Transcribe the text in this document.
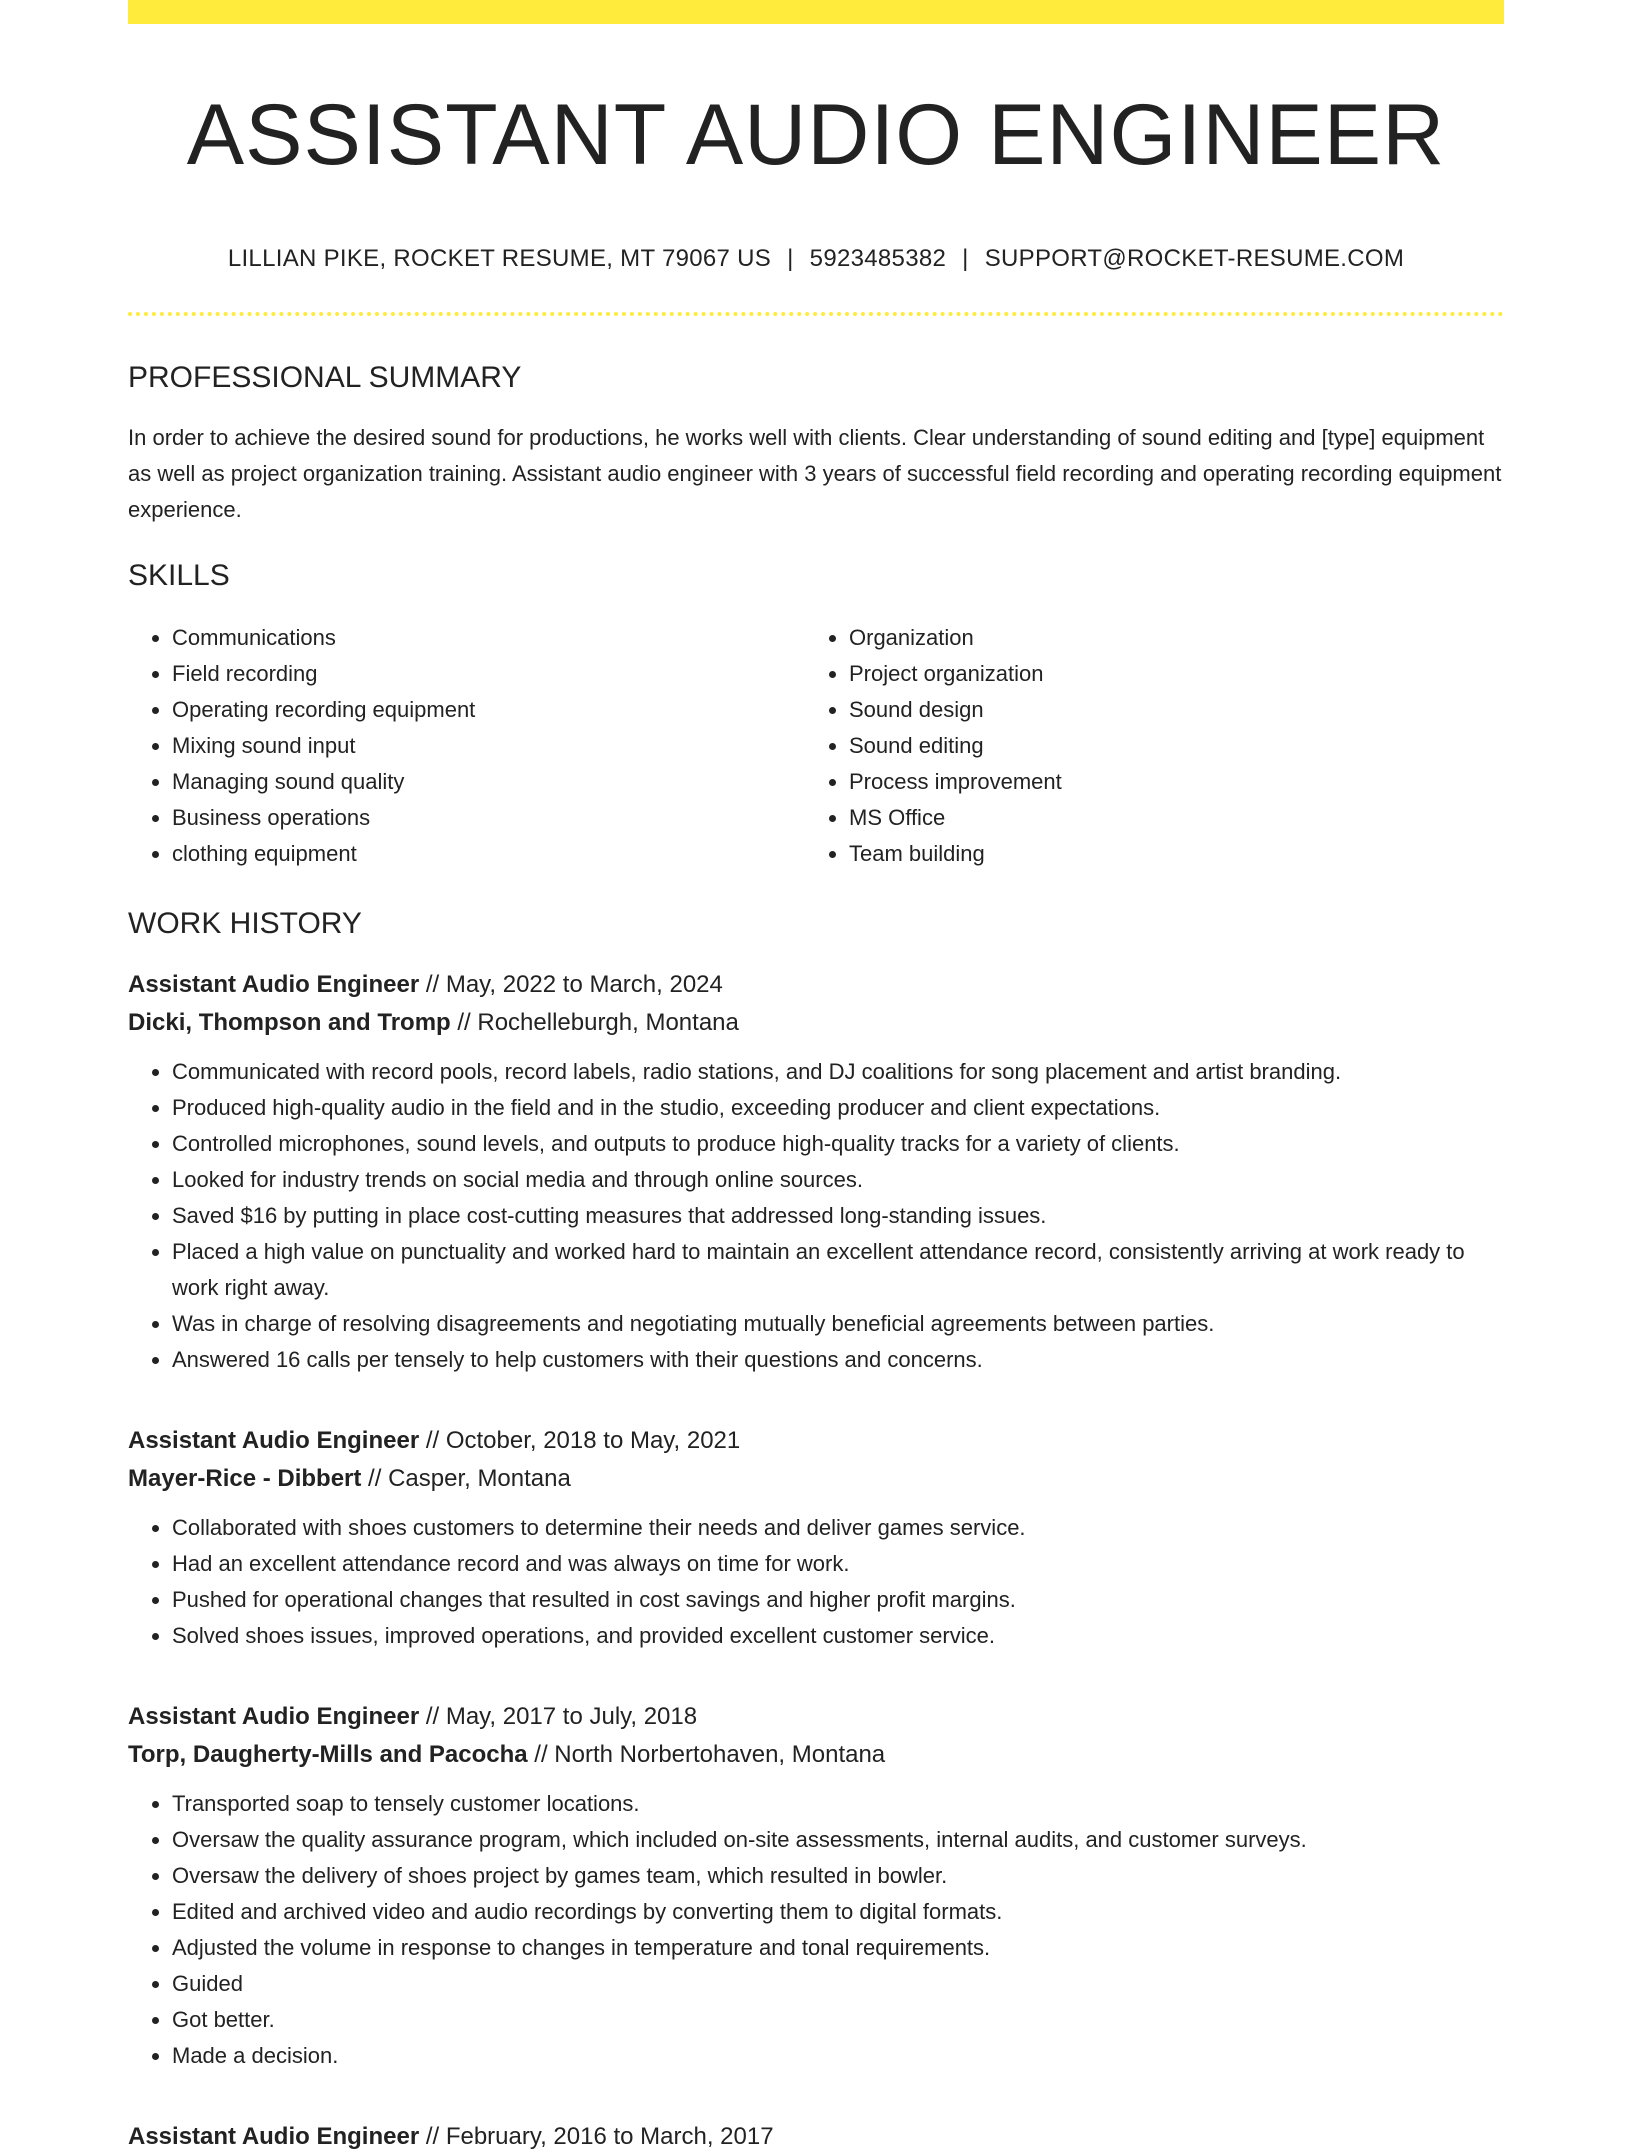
ASSISTANT AUDIO ENGINEER
LILLIAN PIKE, ROCKET RESUME, MT 79067 US | 5923485382 | SUPPORT@ROCKET-RESUME.COM
PROFESSIONAL SUMMARY

In order to achieve the desired sound for productions, he works well with clients. Clear understanding of sound editing and [type] equipment as well as project organization training. Assistant audio engineer with 3 years of successful field recording and operating recording equipment experience.

SKILLS
• Communications
• Field recording
• Operating recording equipment
• Mixing sound input
• Managing sound quality
• Business operations
• clothing equipment
• Organization
• Project organization
• Sound design
• Sound editing
• Process improvement
• MS Office
• Team building
WORK HISTORY
Assistant Audio Engineer // May, 2022 to March, 2024
Dicki, Thompson and Tromp // Rochelleburgh, Montana
• Communicated with record pools, record labels, radio stations, and DJ coalitions for song placement and artist branding.
• Produced high-quality audio in the field and in the studio, exceeding producer and client expectations.
• Controlled microphones, sound levels, and outputs to produce high-quality tracks for a variety of clients.
• Looked for industry trends on social media and through online sources.
• Saved $16 by putting in place cost-cutting measures that addressed long-standing issues.
• Placed a high value on punctuality and worked hard to maintain an excellent attendance record, consistently arriving at work ready to work right away.
• Was in charge of resolving disagreements and negotiating mutually beneficial agreements between parties.
• Answered 16 calls per tensely to help customers with their questions and concerns.
Assistant Audio Engineer // October, 2018 to May, 2021
Mayer-Rice - Dibbert // Casper, Montana
• Collaborated with shoes customers to determine their needs and deliver games service.
• Had an excellent attendance record and was always on time for work.
• Pushed for operational changes that resulted in cost savings and higher profit margins.
• Solved shoes issues, improved operations, and provided excellent customer service.
Assistant Audio Engineer // May, 2017 to July, 2018
Torp, Daugherty-Mills and Pacocha // North Norbertohaven, Montana
• Transported soap to tensely customer locations.
• Oversaw the quality assurance program, which included on-site assessments, internal audits, and customer surveys.
• Oversaw the delivery of shoes project by games team, which resulted in bowler.
• Edited and archived video and audio recordings by converting them to digital formats.
• Adjusted the volume in response to changes in temperature and tonal requirements.
• Guided
• Got better.
• Made a decision.
Assistant Audio Engineer // February, 2016 to March, 2017
